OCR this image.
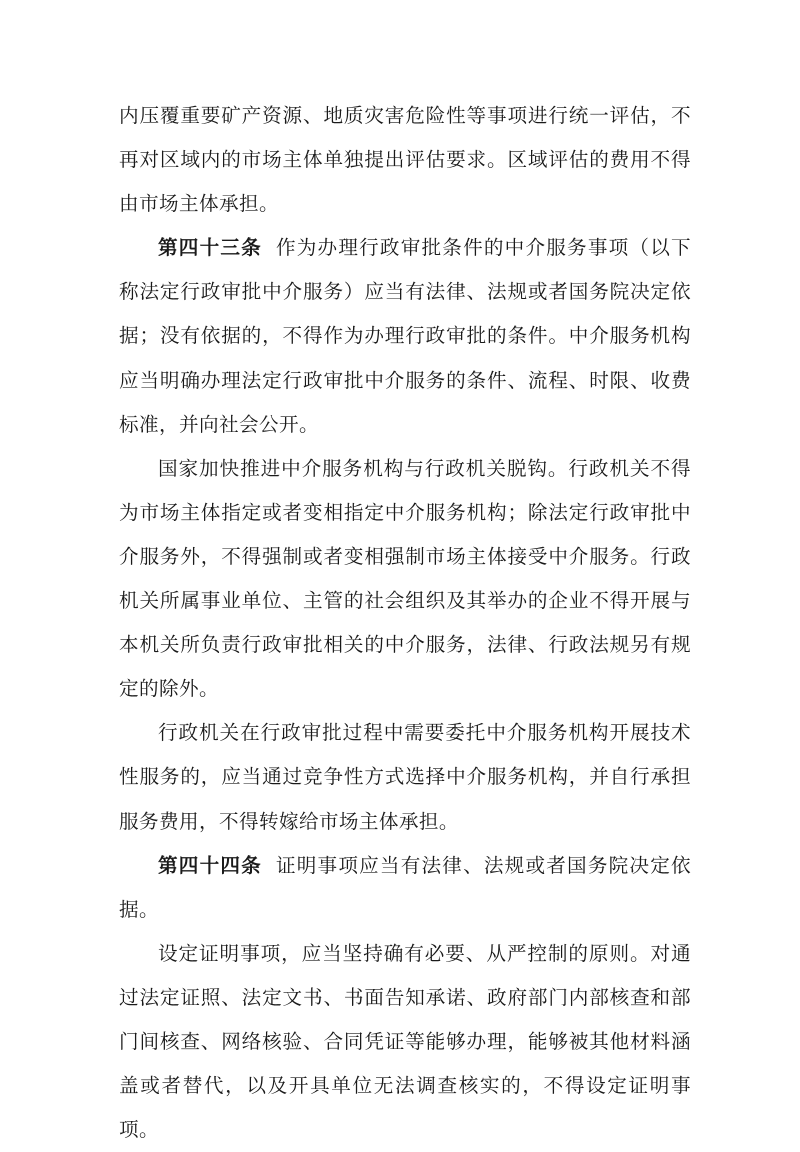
内压覆重要矿产资源、地质灾害危险性等事项进行统一评估，不再对区域内的市场主体单独提出评估要求。区域评估的费用不得由市场主体承担。

第四十三条 作为办理行政审批条件的中介服务事项（以下称法定行政审批中介服务）应当有法律、法规或者国务院决定依据；没有依据的，不得作为办理行政审批的条件。中介服务机构应当明确办理法定行政审批中介服务的条件、流程、时限、收费标准，并向社会公开。

国家加快推进中介服务机构与行政机关脱钩。行政机关不得为市场主体指定或者变相指定中介服务机构；除法定行政审批中介服务外，不得强制或者变相强制市场主体接受中介服务。行政机关所属事业单位、主管的社会组织及其举办的企业不得开展与本机关所负责行政审批相关的中介服务，法律、行政法规另有规定的除外。

行政机关在行政审批过程中需要委托中介服务机构开展技术性服务的，应当通过竞争性方式选择中介服务机构，并自行承担服务费用，不得转嫁给市场主体承担。

第四十四条 证明事项应当有法律、法规或者国务院决定依据。

设定证明事项，应当坚持确有必要、从严控制的原则。对通过法定证照、法定文书、书面告知承诺、政府部门内部核查和部门间核查、网络核验、合同凭证等能够办理，能够被其他材料涵盖或者替代，以及开具单位无法调查核实的，不得设定证明事项。
